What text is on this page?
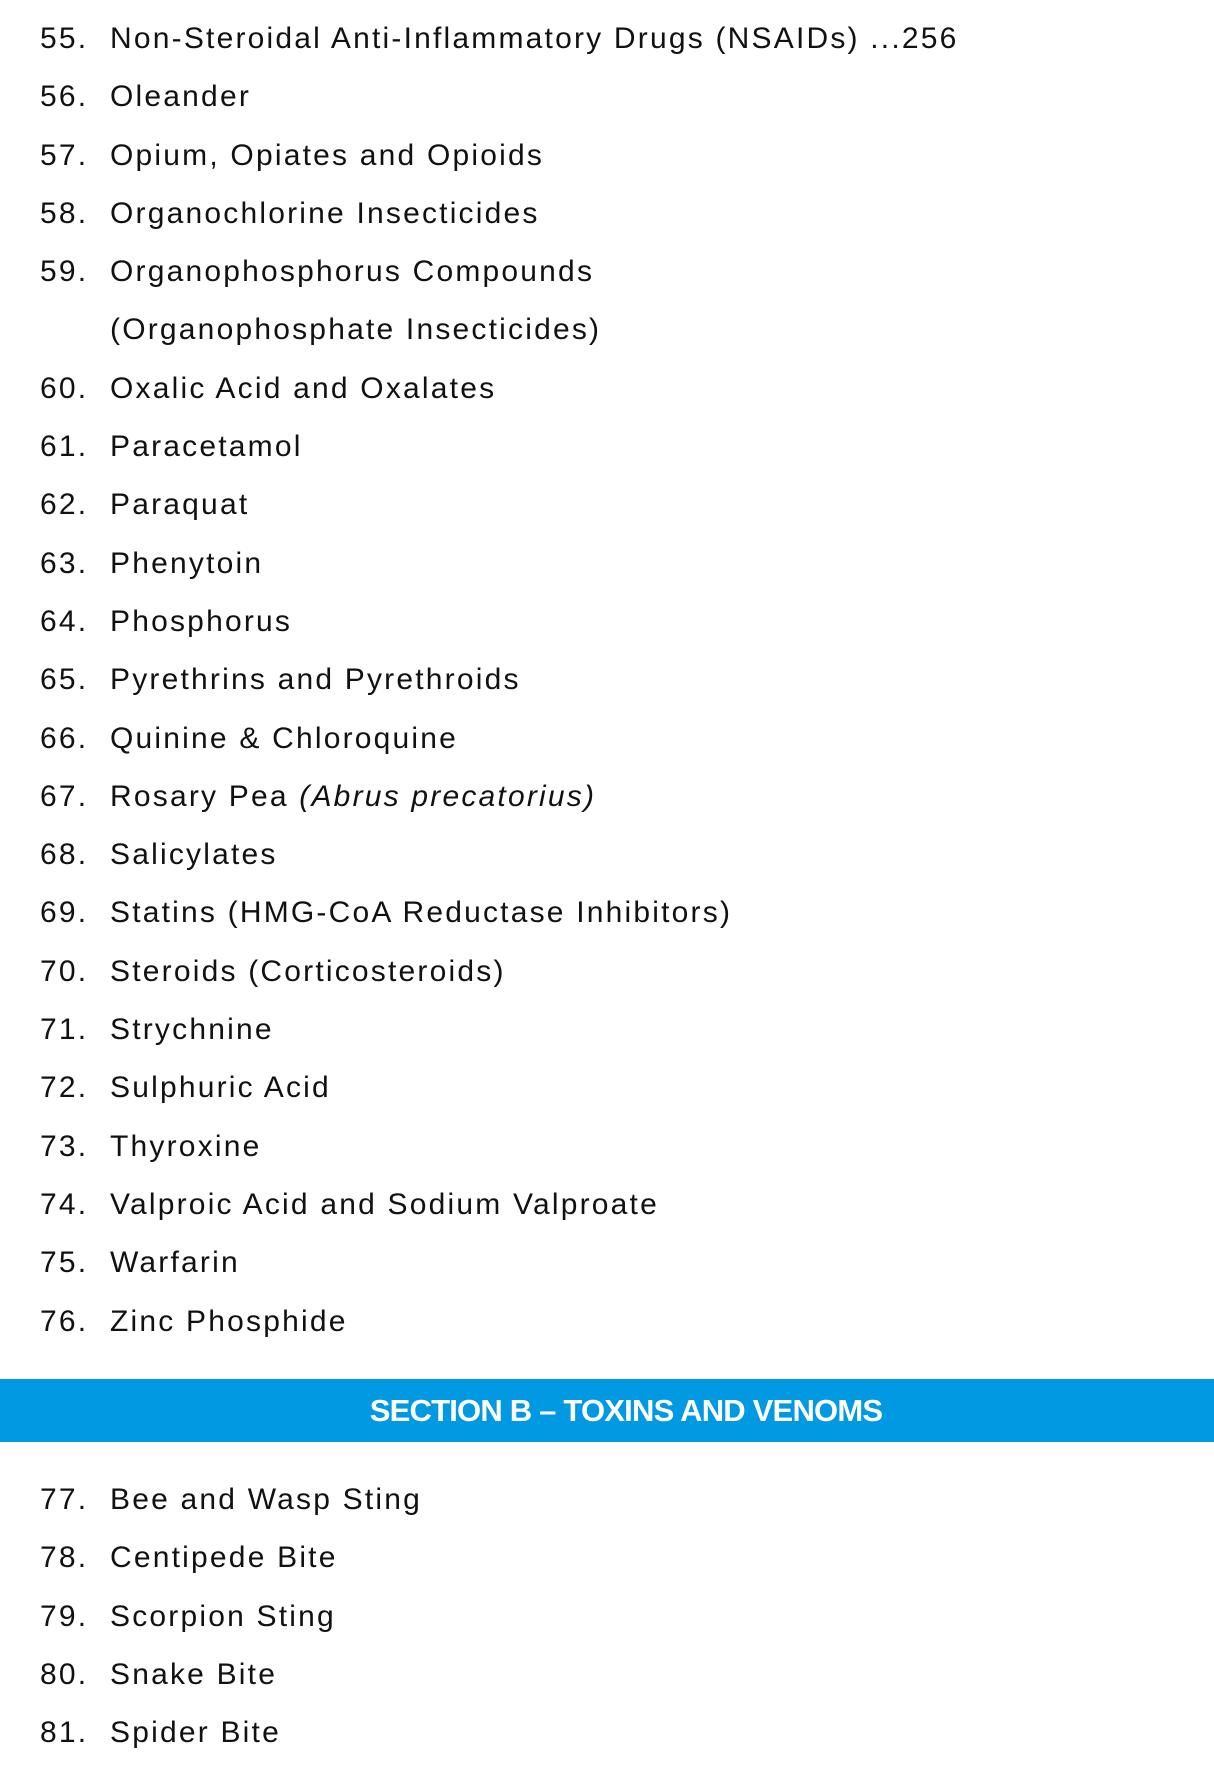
55. Non-Steroidal Anti-Inflammatory Drugs (NSAIDs) ...256
56. Oleander
57. Opium, Opiates and Opioids
58. Organochlorine Insecticides
59. Organophosphorus Compounds
(Organophosphate Insecticides)
60. Oxalic Acid and Oxalates
61. Paracetamol
62. Paraquat
63. Phenytoin
64. Phosphorus
65. Pyrethrins and Pyrethroids
66. Quinine & Chloroquine
67. Rosary Pea (Abrus precatorius)
68. Salicylates
69. Statins (HMG-CoA Reductase Inhibitors)
70. Steroids (Corticosteroids)
71. Strychnine
72. Sulphuric Acid
73. Thyroxine
74. Valproic Acid and Sodium Valproate
75. Warfarin
76. Zinc Phosphide
SECTION B – TOXINS AND VENOMS
77. Bee and Wasp Sting
78. Centipede Bite
79. Scorpion Sting
80. Snake Bite
81. Spider Bite
